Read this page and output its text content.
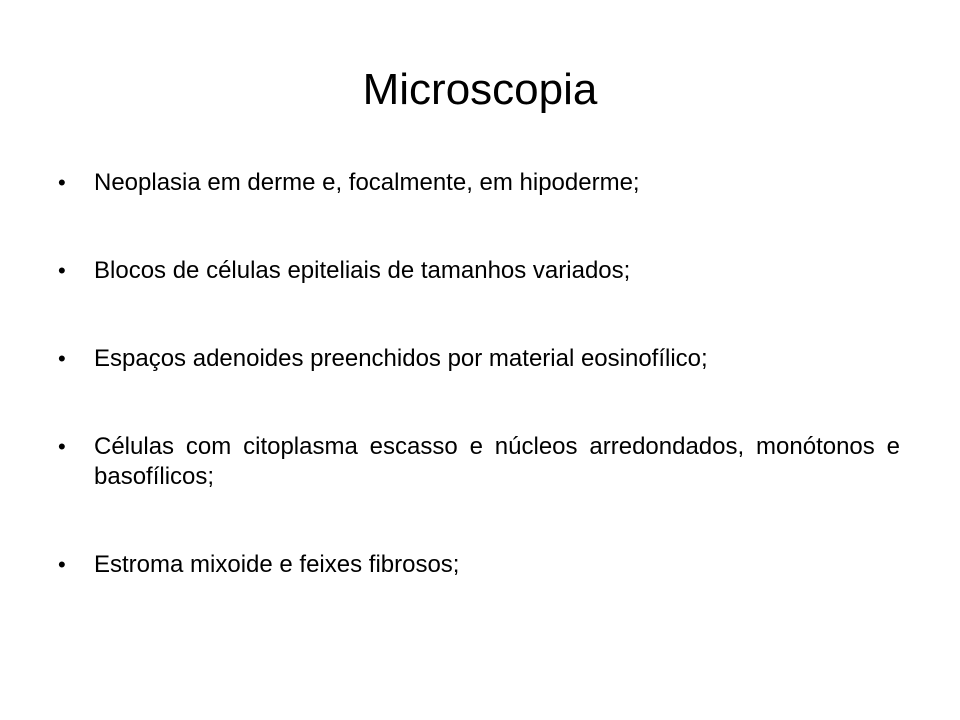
Microscopia
•	Neoplasia em derme e, focalmente, em hipoderme;
•	Blocos de células epiteliais de tamanhos variados;
•	Espaços adenoides preenchidos por material eosinofílico;
•	Células com citoplasma escasso e núcleos arredondados, monótonos e basofílicos;
•	Estroma mixoide e feixes fibrosos;
